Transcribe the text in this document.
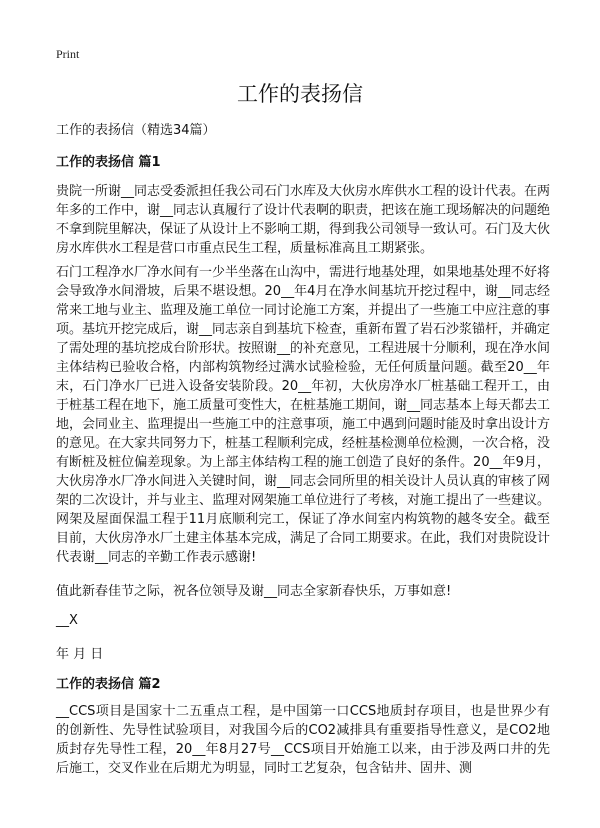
Print
工作的表扬信
工作的表扬信（精选34篇）
工作的表扬信 篇1

贵院一所谢__同志受委派担任我公司石门水库及大伙房水库供水工程的设计代表。在两年多的工作中，谢__同志认真履行了设计代表啊的职责，把该在施工现场解决的问题绝不拿到院里解决，保证了从设计上不影响工期，得到我公司领导一致认可。石门及大伙房水库供水工程是营口市重点民生工程，质量标准高且工期紧张。

石门工程净水厂净水间有一少半坐落在山沟中，需进行地基处理，如果地基处理不好将会导致净水间滑坡，后果不堪设想。20__年4月在净水间基坑开挖过程中，谢__同志经常来工地与业主、监理及施工单位一同讨论施工方案，并提出了一些施工中应注意的事项。基坑开挖完成后，谢__同志亲自到基坑下检查，重新布置了岩石沙浆锚杆，并确定了需处理的基坑挖成台阶形状。按照谢__的补充意见，工程进展十分顺利，现在净水间主体结构已验收合格，内部构筑物经过满水试验检验，无任何质量问题。截至20__年末，石门净水厂已进入设备安装阶段。20__年初，大伙房净水厂桩基础工程开工，由于桩基工程在地下，施工质量可变性大，在桩基施工期间，谢__同志基本上每天都去工地，会同业主、监理提出一些施工中的注意事项，施工中遇到问题时能及时拿出设计方的意见。在大家共同努力下，桩基工程顺利完成，经桩基检测单位检测，一次合格，没有断桩及桩位偏差现象。为上部主体结构工程的施工创造了良好的条件。20__年9月，大伙房净水厂净水间进入关键时间，谢__同志会同所里的相关设计人员认真的审核了网架的二次设计，并与业主、监理对网架施工单位进行了考核，对施工提出了一些建议。网架及屋面保温工程于11月底顺利完工，保证了净水间室内构筑物的越冬安全。截至目前，大伙房净水厂土建主体基本完成，满足了合同工期要求。在此，我们对贵院设计代表谢__同志的辛勤工作表示感谢!

值此新春佳节之际，祝各位领导及谢__同志全家新春快乐，万事如意!

__X
年 月 日
工作的表扬信 篇2

__CCS项目是国家十二五重点工程，是中国第一口CCS地质封存项目，也是世界少有的创新性、先导性试验项目，对我国今后的CO2减排具有重要指导性意义，是CO2地质封存先导性工程，20__年8月27号__CCS项目开始施工以来，由于涉及两口井的先后施工，交叉作业在后期尤为明显，同时工艺复杂，包含钻井、固井、测
